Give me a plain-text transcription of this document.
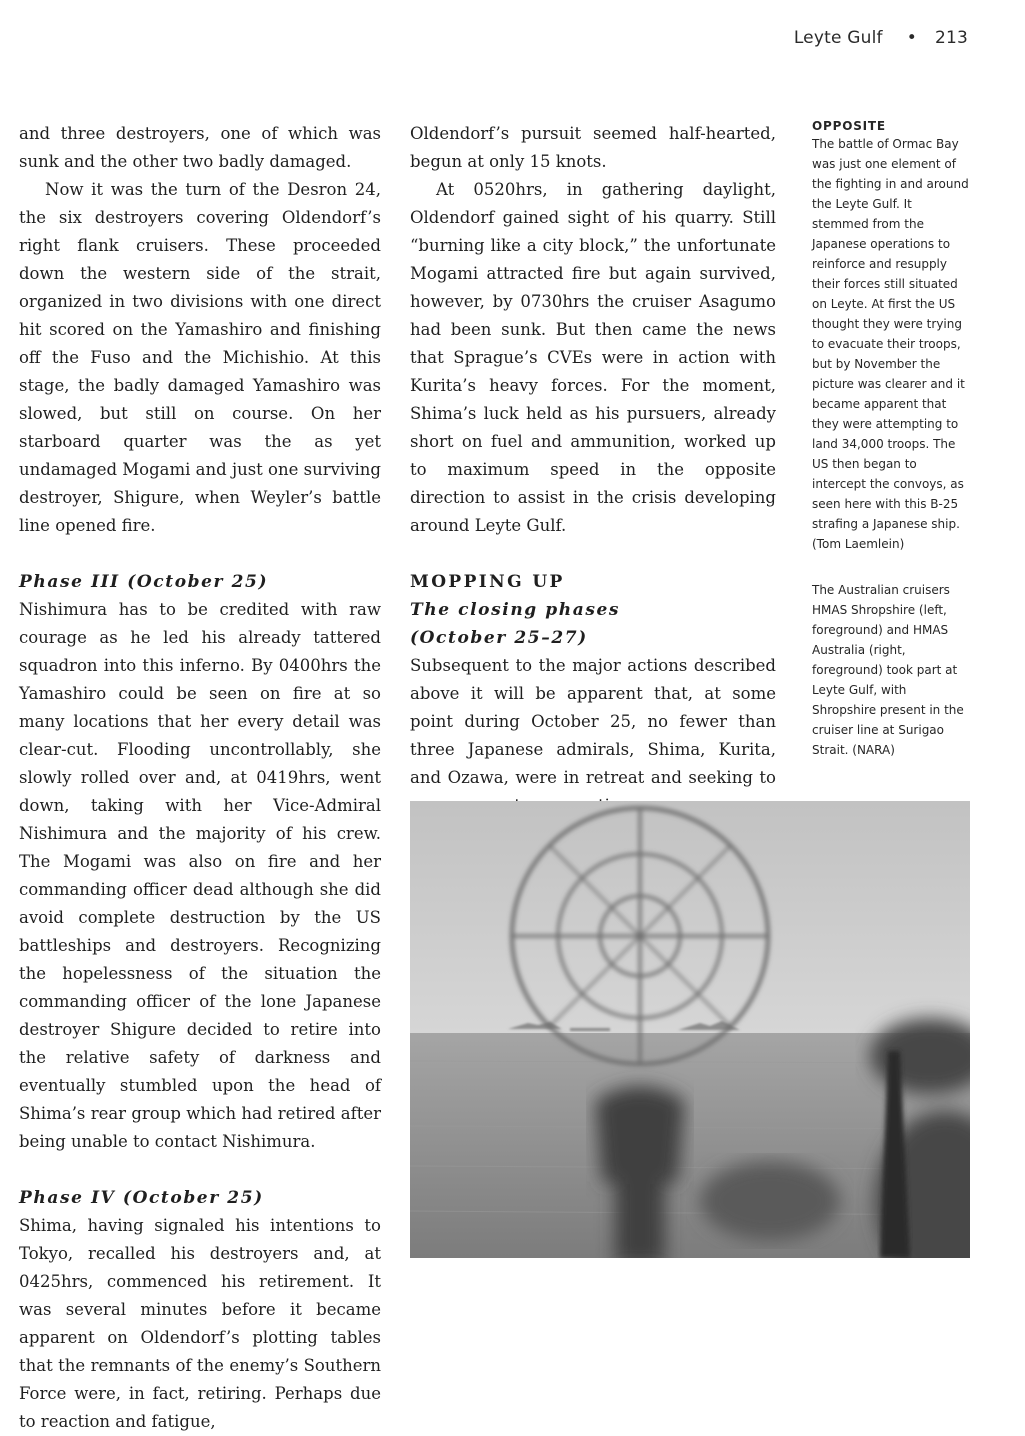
Leyte Gulf • 213

and three destroyers, one of which was sunk and the other two badly damaged.

Now it was the turn of the Desron 24, the six destroyers covering Oldendorf’s right flank cruisers. These proceeded down the western side of the strait, organized in two divisions with one direct hit scored on the Yamashiro and finishing off the Fuso and the Michishio. At this stage, the badly damaged Yamashiro was slowed, but still on course. On her starboard quarter was the as yet undamaged Mogami and just one surviving destroyer, Shigure, when Weyler’s battle line opened fire.

Phase III (October 25)

Nishimura has to be credited with raw courage as he led his already tattered squadron into this inferno. By 0400hrs the Yamashiro could be seen on fire at so many locations that her every detail was clear-cut. Flooding uncontrollably, she slowly rolled over and, at 0419hrs, went down, taking with her Vice-Admiral Nishimura and the majority of his crew. The Mogami was also on fire and her commanding officer dead although she did avoid complete destruction by the US battleships and destroyers. Recognizing the hopelessness of the situation the commanding officer of the lone Japanese destroyer Shigure decided to retire into the relative safety of darkness and eventually stumbled upon the head of Shima’s rear group which had retired after being unable to contact Nishimura.

Phase IV (October 25)

Shima, having signaled his intentions to Tokyo, recalled his destroyers and, at 0425hrs, commenced his retirement. It was several minutes before it became apparent on Oldendorf’s plotting tables that the remnants of the enemy’s Southern Force were, in fact, retiring. Perhaps due to reaction and fatigue,

Oldendorf’s pursuit seemed half-hearted, begun at only 15 knots.

At 0520hrs, in gathering daylight, Oldendorf gained sight of his quarry. Still “burning like a city block,” the unfortunate Mogami attracted fire but again survived, however, by 0730hrs the cruiser Asagumo had been sunk. But then came the news that Sprague’s CVEs were in action with Kurita’s heavy forces. For the moment, Shima’s luck held as his pursuers, already short on fuel and ammunition, worked up to maximum speed in the opposite direction to assist in the crisis developing around Leyte Gulf.

MOPPING UP
The closing phases
(October 25–27)

Subsequent to the major actions described above it will be apparent that, at some point during October 25, no fewer than three Japanese admirals, Shima, Kurita, and Ozawa, were in retreat and seeking to

OPPOSITE
The battle of Ormac Bay was just one element of the fighting in and around the Leyte Gulf. It stemmed from the Japanese operations to reinforce and resupply their forces still situated on Leyte. At first the US thought they were trying to evacuate their troops, but by November the picture was clearer and it became apparent that they were attempting to land 34,000 troops. The US then began to intercept the convoys, as seen here with this B-25 strafing a Japanese ship. (Tom Laemlein)
The Australian cruisers HMAS Shropshire (left, foreground) and HMAS Australia (right, foreground) took part at Leyte Gulf, with Shropshire present in the cruiser line at Surigao Strait. (NARA)
